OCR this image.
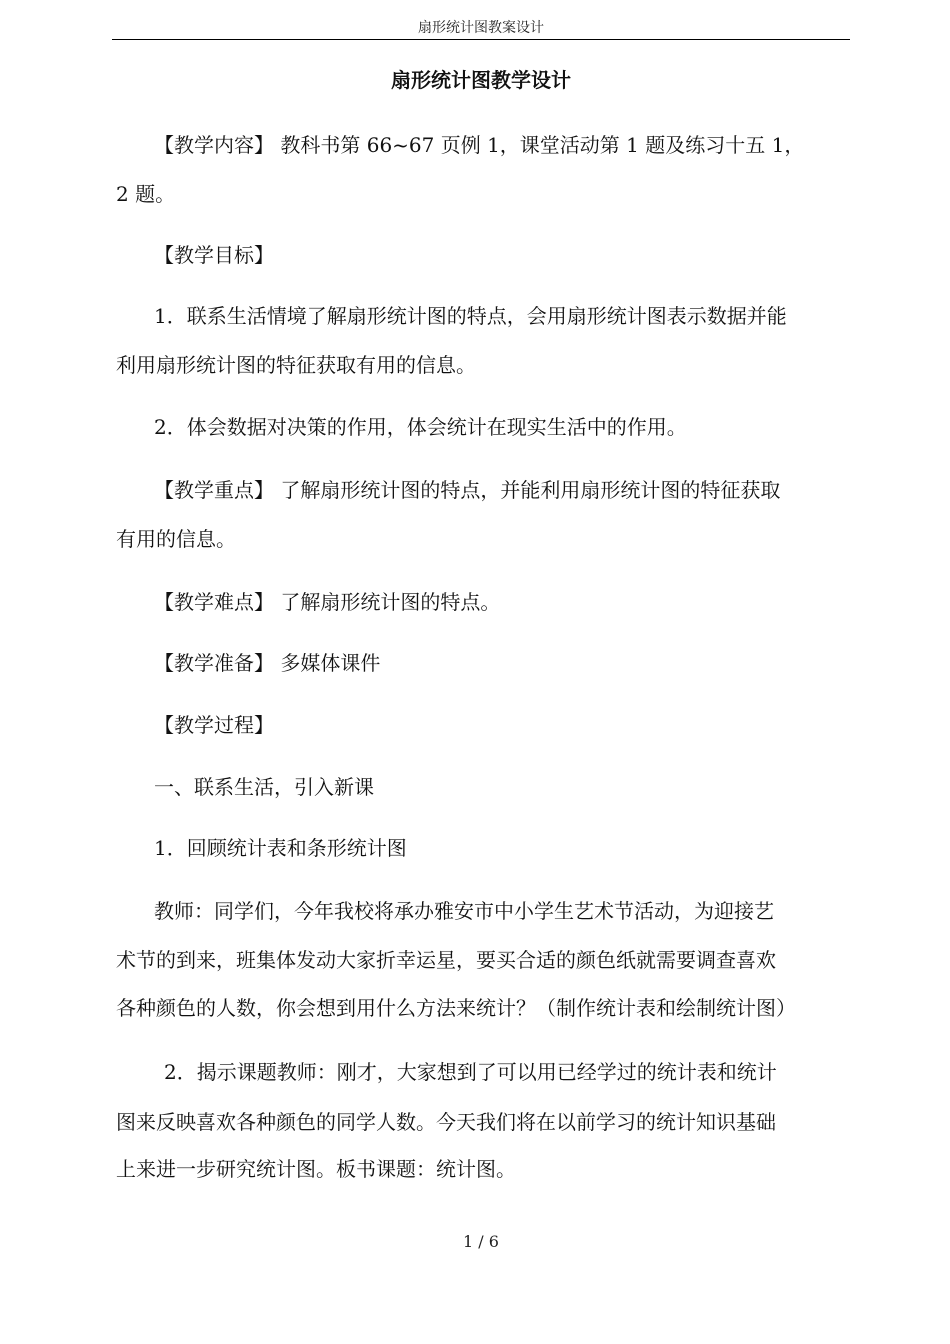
扇形统计图教案设计
扇形统计图教学设计
【教学内容】 教科书第 66~67 页例 1，课堂活动第 1 题及练习十五 1，
2 题。
【教学目标】
1．联系生活情境了解扇形统计图的特点，会用扇形统计图表示数据并能
利用扇形统计图的特征获取有用的信息。
2．体会数据对决策的作用，体会统计在现实生活中的作用。
【教学重点】 了解扇形统计图的特点，并能利用扇形统计图的特征获取
有用的信息。
【教学难点】 了解扇形统计图的特点。
【教学准备】 多媒体课件
【教学过程】
一、联系生活，引入新课
1．回顾统计表和条形统计图
教师：同学们，今年我校将承办雅安市中小学生艺术节活动，为迎接艺
术节的到来，班集体发动大家折幸运星，要买合适的颜色纸就需要调查喜欢
各种颜色的人数，你会想到用什么方法来统计？（制作统计表和绘制统计图）
2．揭示课题教师：刚才，大家想到了可以用已经学过的统计表和统计
图来反映喜欢各种颜色的同学人数。今天我们将在以前学习的统计知识基础
上来进一步研究统计图。板书课题：统计图。
1 / 6
